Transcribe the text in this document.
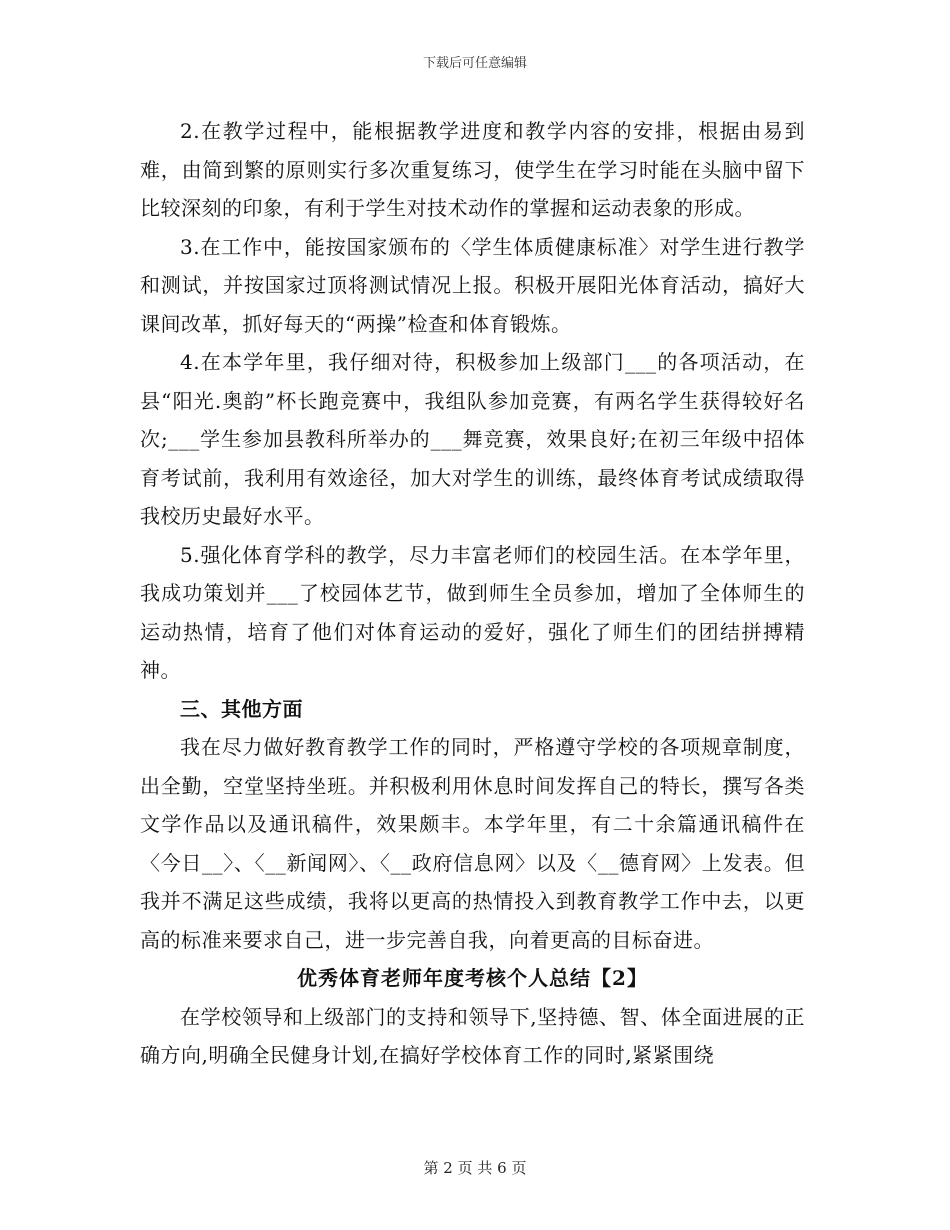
下载后可任意编辑

2.在教学过程中，能根据教学进度和教学内容的安排，根据由易到难，由简到繁的原则实行多次重复练习，使学生在学习时能在头脑中留下比较深刻的印象，有利于学生对技术动作的掌握和运动表象的形成。

3.在工作中，能按国家颁布的〈学生体质健康标准〉对学生进行教学和测试，并按国家过顶将测试情况上报。积极开展阳光体育活动，搞好大课间改革，抓好每天的“两操”检查和体育锻炼。

4.在本学年里，我仔细对待，积极参加上级部门___的各项活动，在县“阳光.奥韵”杯长跑竞赛中，我组队参加竞赛，有两名学生获得较好名次;___学生参加县教科所举办的___舞竞赛，效果良好;在初三年级中招体育考试前，我利用有效途径，加大对学生的训练，最终体育考试成绩取得我校历史最好水平。

5.强化体育学科的教学，尽力丰富老师们的校园生活。在本学年里，我成功策划并___了校园体艺节，做到师生全员参加，增加了全体师生的运动热情，培育了他们对体育运动的爱好，强化了师生们的团结拼搏精神。

三、其他方面

我在尽力做好教育教学工作的同时，严格遵守学校的各项规章制度，出全勤，空堂坚持坐班。并积极利用休息时间发挥自己的特长，撰写各类文学作品以及通讯稿件，效果颇丰。本学年里，有二十余篇通讯稿件在〈今日__〉、〈__新闻网〉、〈__政府信息网〉以及〈__德育网〉上发表。但我并不满足这些成绩，我将以更高的热情投入到教育教学工作中去，以更高的标准来要求自己，进一步完善自我，向着更高的目标奋进。

优秀体育老师年度考核个人总结【2】

在学校领导和上级部门的支持和领导下,坚持德、智、体全面进展的正确方向,明确全民健身计划,在搞好学校体育工作的同时,紧紧围绕

第 2 页 共 6 页
